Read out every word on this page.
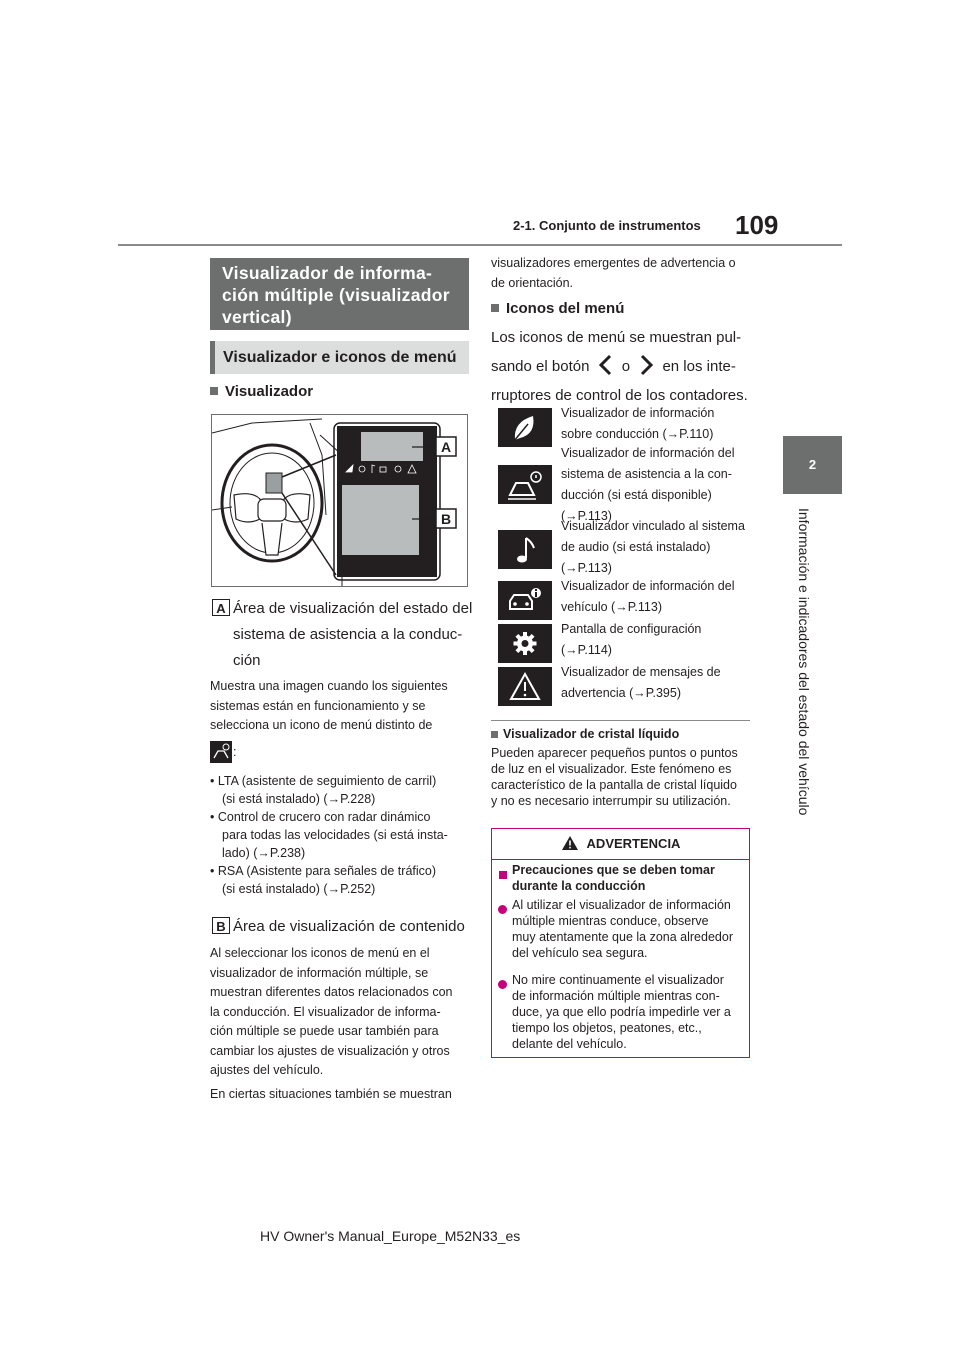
2-1. Conjunto de instrumentos 109
2
Información e indicadores del estado del vehículo
Visualizador de informa-
ción múltiple (visualizador
vertical)
Visualizador e iconos de menú
Visualizador
A
B
A Área de visualización del estado del
sistema de asistencia a la conduc-
ción
Muestra una imagen cuando los siguientes
sistemas están en funcionamiento y se
selecciona un icono de menú distinto de
:
• LTA (asistente de seguimiento de carril)
(si está instalado) (→P.228)
• Control de crucero con radar dinámico
para todas las velocidades (si está insta-
lado) (→P.238)
• RSA (Asistente para señales de tráfico)
(si está instalado) (→P.252)
B Área de visualización de contenido
Al seleccionar los iconos de menú en el
visualizador de información múltiple, se
muestran diferentes datos relacionados con
la conducción. El visualizador de informa-
ción múltiple se puede usar también para
cambiar los ajustes de visualización y otros
ajustes del vehículo.
En ciertas situaciones también se muestran
visualizadores emergentes de advertencia o
de orientación.
Iconos del menú
Los iconos de menú se muestran pul-
sando el botón o en los inte-
rruptores de control de los contadores.
Visualizador de información
sobre conducción (→P.110)
Visualizador de información del
sistema de asistencia a la con-
ducción (si está disponible)
(→P.113)
Visualizador vinculado al sistema
de audio (si está instalado)
(→P.113)
Visualizador de información del
vehículo (→P.113)
Pantalla de configuración
(→P.114)
Visualizador de mensajes de
advertencia (→P.395)
Visualizador de cristal líquido
Pueden aparecer pequeños puntos o puntos
de luz en el visualizador. Este fenómeno es
característico de la pantalla de cristal líquido
y no es necesario interrumpir su utilización.
ADVERTENCIA
Precauciones que se deben tomar
durante la conducción
Al utilizar el visualizador de información
múltiple mientras conduce, observe
muy atentamente que la zona alrededor
del vehículo sea segura.
No mire continuamente el visualizador
de información múltiple mientras con-
duce, ya que ello podría impedirle ver a
tiempo los objetos, peatones, etc.,
delante del vehículo.
HV Owner's Manual_Europe_M52N33_es
